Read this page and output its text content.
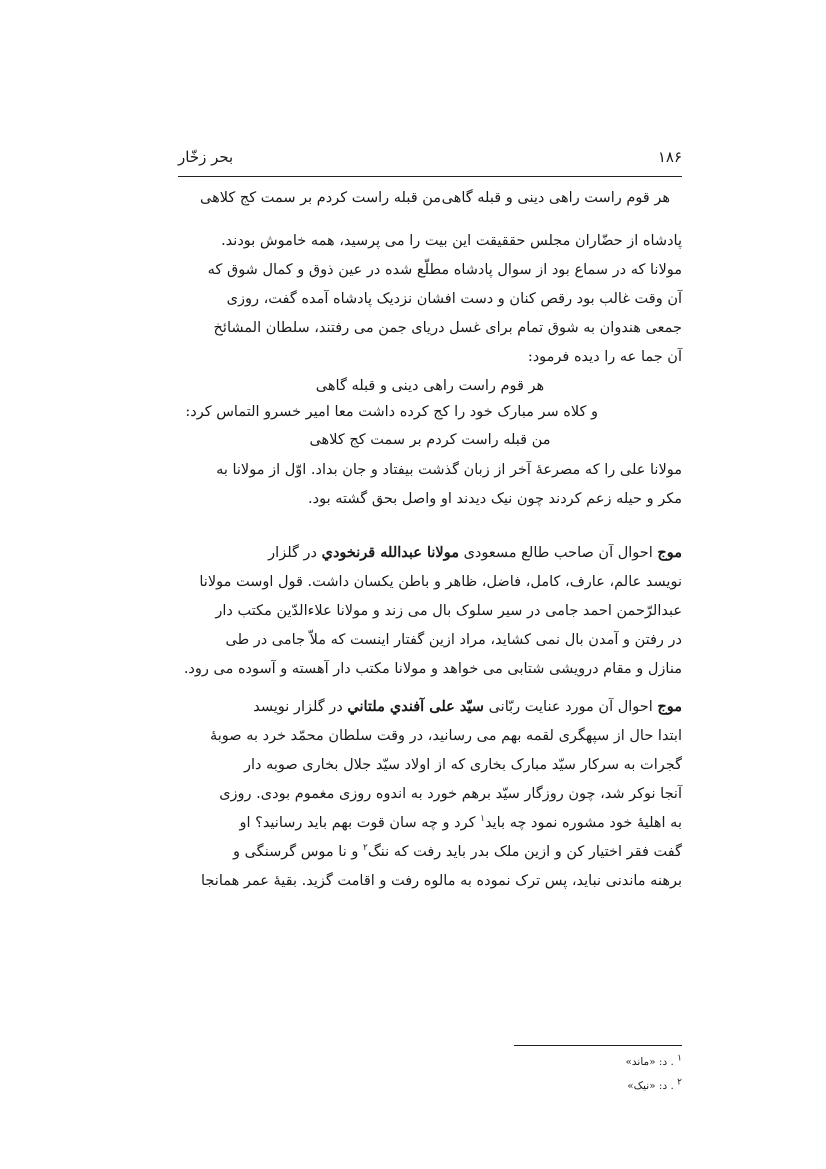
۱۸۶
بحر زخّار
هر قوم راست راهی دینی و قبله گاهی
من قبله راست کردم بر سمت کج کلاهی
پادشاه از حضّاران مجلس حققیقت این بیت را می پرسید، همه خاموش بودند.
مولانا که در سماع بود از سوال پادشاه مطلّع شده در عین ذوق و کمال شوق که
آن وقت غالب بود رقص کنان و دست افشان نزدیک پادشاه آمده گفت، روزی
جمعی هندوان به شوق تمام برای غسل دریای جمن می رفتند، سلطان المشائخ
آن جما عه را دیده فرمود:
هر قوم راست راهی دینی و قبله گاهی
و کلاه سر مبارک خود را کج کرده داشت معا امیر خسرو التماس کرد:
من قبله راست کردم بر سمت کج کلاهی
مولانا علی را که مصرعهٔ آخر از زبان گذشت بیفتاد و جان بداد. اوّل از مولانا به
مکر و حیله زعم کردند چون نیک دیدند او واصل بحق گشته بود.
موج احوال آن صاحب طالع مسعودی مولانا عبدالله قرنخودي در گلزار
نویسد عالم، عارف، کامل، فاضل، ظاهر و باطن یکسان داشت. قول اوست مولانا
عبدالرّحمن احمد جامی در سیر سلوک بال می زند و مولانا علاءالدّین مکتب دار
در رفتن و آمدن بال نمی کشاید، مراد ازین گفتار اینست که ملاّ جامی در طی
منازل و مقام درویشی شتابی می خواهد و مولانا مکتب دار آهسته و آسوده می رود.
موج احوال آن مورد عنایت ربّانی سیّد علی آفندي ملتاني در گلزار نویسد
ابتدا حال از سپهگری لقمه بهم می رسانید، در وقت سلطان محمّد خرد به صوبهٔ
گجرات به سرکار سیّد مبارک بخاری که از اولاد سیّد جلال بخاری صوبه دار
آنجا نوکر شد، چون روزگار سیّد برهم خورد به اندوه روزی مغموم بودی. روزی
به اهلیهٔ خود مشوره نمود چه باید$^۱$ کرد و چه سان قوت بهم باید رسانید؟ او
گفت فقر اختیار کن و ازین ملک بدر باید رفت که ننگ$^۲$ و نا موس گرسنگی و
برهنه ماندنی نباید، پس ترک نموده به مالوه رفت و اقامت گزید. بقیهٔ عمر همانجا
$^۱$ . د: «ماند»
$^۲$ . د: «نیک»
